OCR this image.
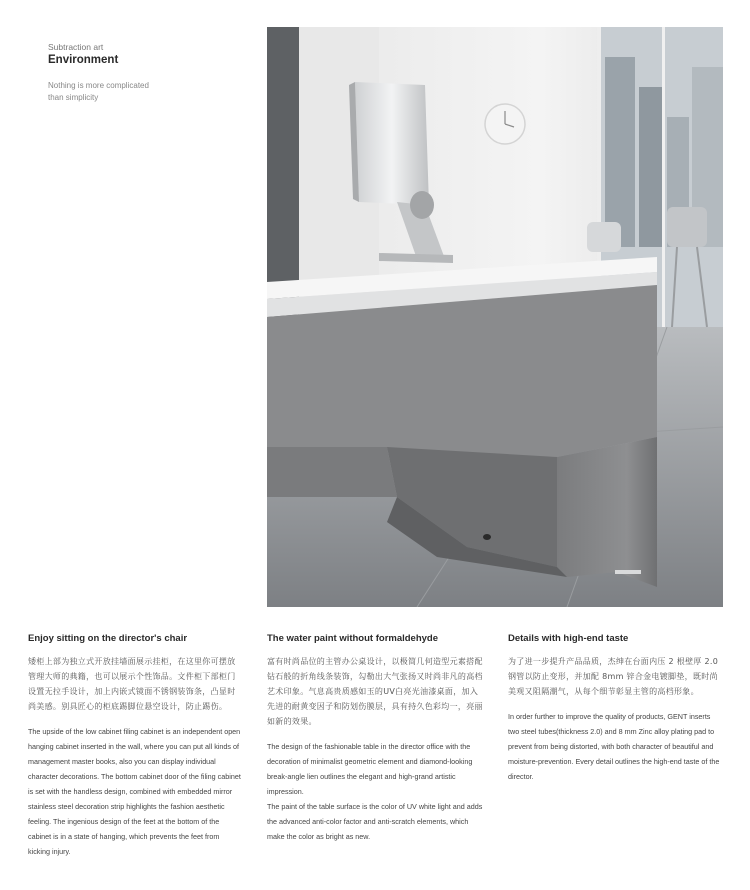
Subtraction art
Environment
Nothing is more complicated
than simplicity
Enjoy sitting on the director's chair

矮柜上部为独立式开放挂墙面展示挂柜，在这里你可摆放管理大师的典籍，也可以展示个性饰品。文件柜下部柜门设置无拉手设计，加上内嵌式镜面不锈钢装饰条，凸显时尚美感。别具匠心的柜底踢脚位悬空设计，防止踢伤。

The upside of the low cabinet filing cabinet is an independent open hanging cabinet inserted in the wall, where you can put all kinds of management master books, also you can display individual character decorations. The bottom cabinet door of the filing cabinet is set with the handless design, combined with embedded mirror stainless steel decoration strip highlights the fashion aesthetic feeling. The ingenious design of the feet at the bottom of the cabinet is in a state of hanging, which prevents the feet from kicking injury.

The water paint without formaldehyde

富有时尚品位的主管办公桌设计，以极简几何造型元素搭配钻石般的折角线条装饰，勾勒出大气张扬又时尚非凡的高档艺术印象。气息高贵质感如玉的UV白亮光油漆桌面，加入先进的耐黄变因子和防划伤膜层，具有持久色彩均一，亮丽如新的效果。

The design of the fashionable table in the director office with the decoration of minimalist geometric element and diamond-looking break-angle lien outlines the elegant and high-grand artistic impression.

The paint of the table surface is the color of UV white light and adds the advanced anti-color factor and anti-scratch elements, which make the color as bright as new.

Details with high-end taste

为了进一步提升产品品质，杰绅在台面内压 2 根壁厚 2.0 钢管以防止变形，并加配 8mm 锌合金电镀脚垫，既时尚美观又阻隔潮气，从每个细节彰显主管的高档形象。

In order further to improve the quality of products, GENT inserts two steel tubes(thickness 2.0) and 8 mm Zinc alloy plating pad to prevent from being distorted, with both character of beautiful and moisture-prevention. Every detail outlines the high-end taste of the director.
